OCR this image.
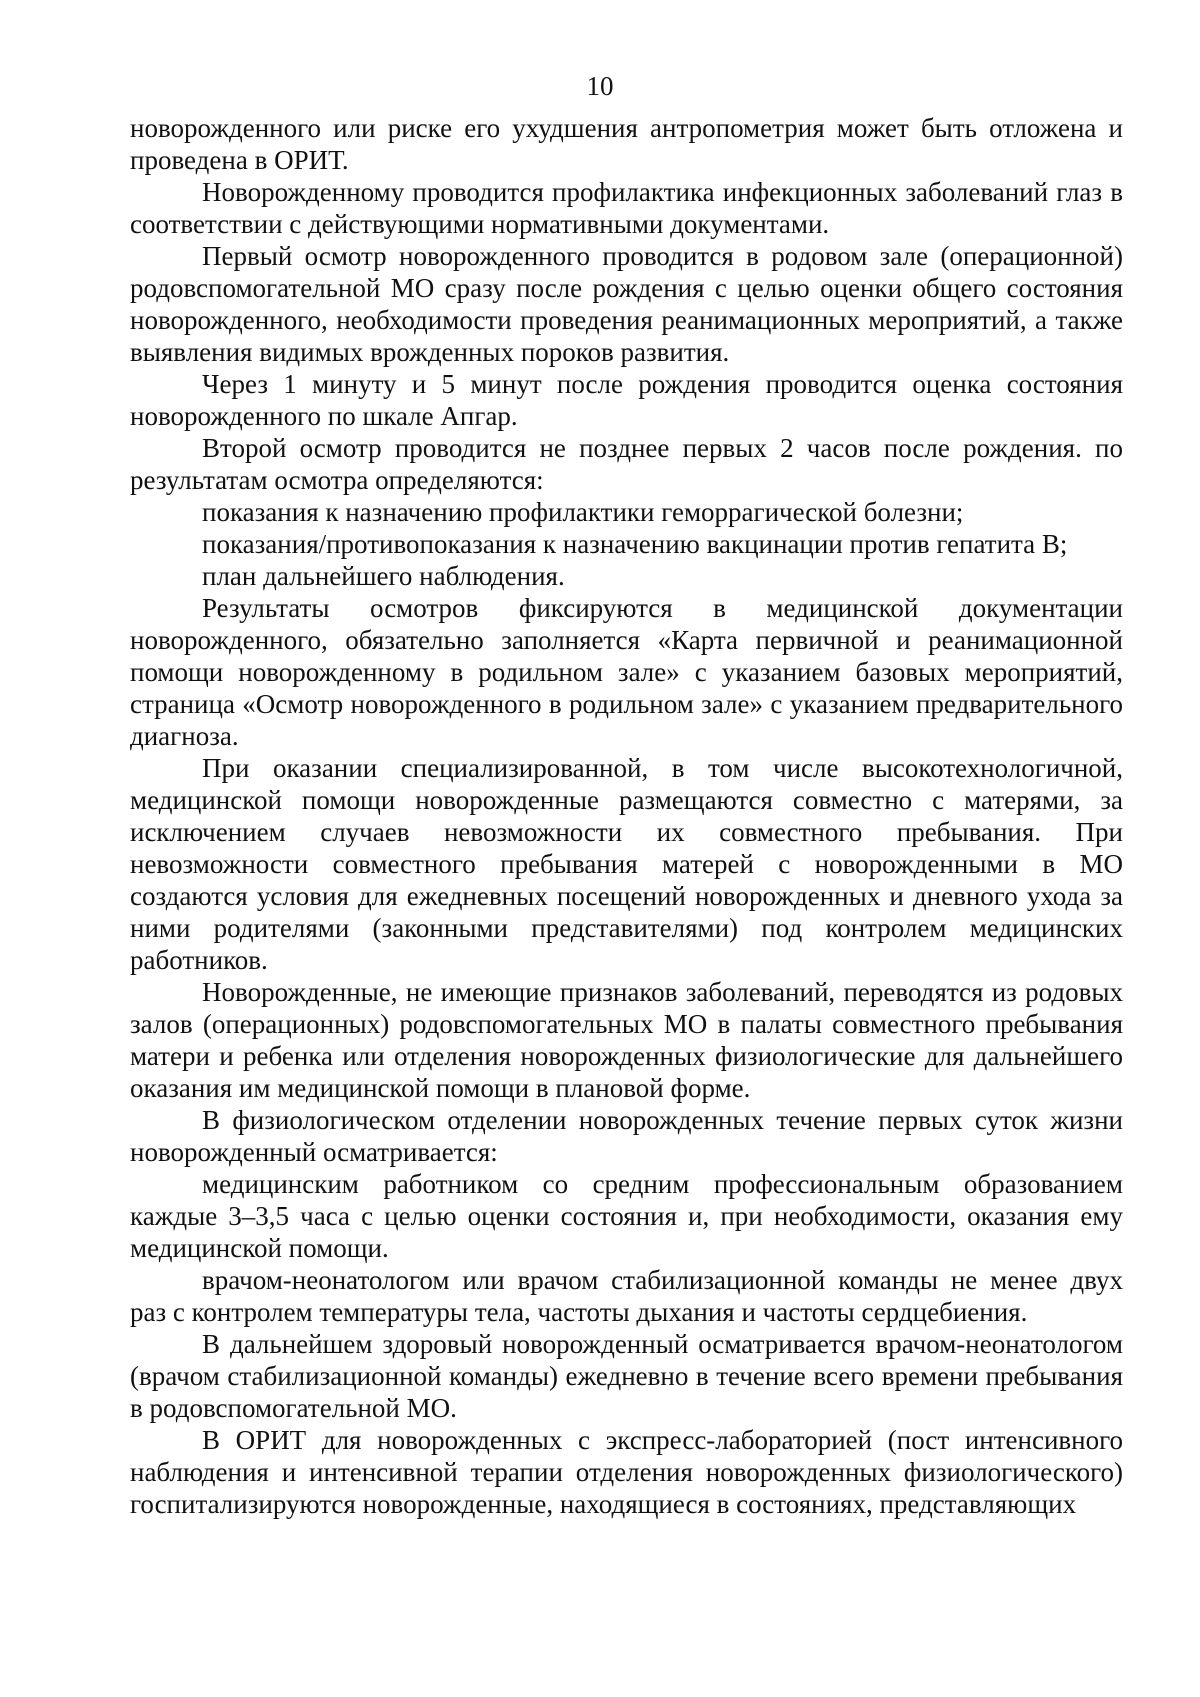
10

новорожденного или риске его ухудшения антропометрия может быть отложена и проведена в ОРИТ.

Новорожденному проводится профилактика инфекционных заболеваний глаз в соответствии с действующими нормативными документами.

Первый осмотр новорожденного проводится в родовом зале (операционной) родовспомогательной МО сразу после рождения с целью оценки общего состояния новорожденного, необходимости проведения реанимационных мероприятий, а также выявления видимых врожденных пороков развития.

Через 1 минуту и 5 минут после рождения проводится оценка состояния новорожденного по шкале Апгар.

Второй осмотр проводится не позднее первых 2 часов после рождения. по результатам осмотра определяются:

показания к назначению профилактики геморрагической болезни;

показания/противопоказания к назначению вакцинации против гепатита В;

план дальнейшего наблюдения.

Результаты осмотров фиксируются в медицинской документации новорожденного, обязательно заполняется «Карта первичной и реанимационной помощи новорожденному в родильном зале» с указанием базовых мероприятий, страница «Осмотр новорожденного в родильном зале» с указанием предварительного диагноза.

При оказании специализированной, в том числе высокотехнологичной, медицинской помощи новорожденные размещаются совместно с матерями, за исключением случаев невозможности их совместного пребывания. При невозможности совместного пребывания матерей с новорожденными в МО создаются условия для ежедневных посещений новорожденных и дневного ухода за ними родителями (законными представителями) под контролем медицинских работников.

Новорожденные, не имеющие признаков заболеваний, переводятся из родовых залов (операционных) родовспомогательных МО в палаты совместного пребывания матери и ребенка или отделения новорожденных физиологические для дальнейшего оказания им медицинской помощи в плановой форме.

В физиологическом отделении новорожденных течение первых суток жизни новорожденный осматривается:

медицинским работником со средним профессиональным образованием каждые 3–3,5 часа с целью оценки состояния и, при необходимости, оказания ему медицинской помощи.

врачом-неонатологом или врачом стабилизационной команды не менее двух раз с контролем температуры тела, частоты дыхания и частоты сердцебиения.

В дальнейшем здоровый новорожденный осматривается врачом-неонатологом (врачом стабилизационной команды) ежедневно в течение всего времени пребывания в родовспомогательной МО.

В ОРИТ для новорожденных с экспресс-лабораторией (пост интенсивного наблюдения и интенсивной терапии отделения новорожденных физиологического) госпитализируются новорожденные, находящиеся в состояниях, представляющих
